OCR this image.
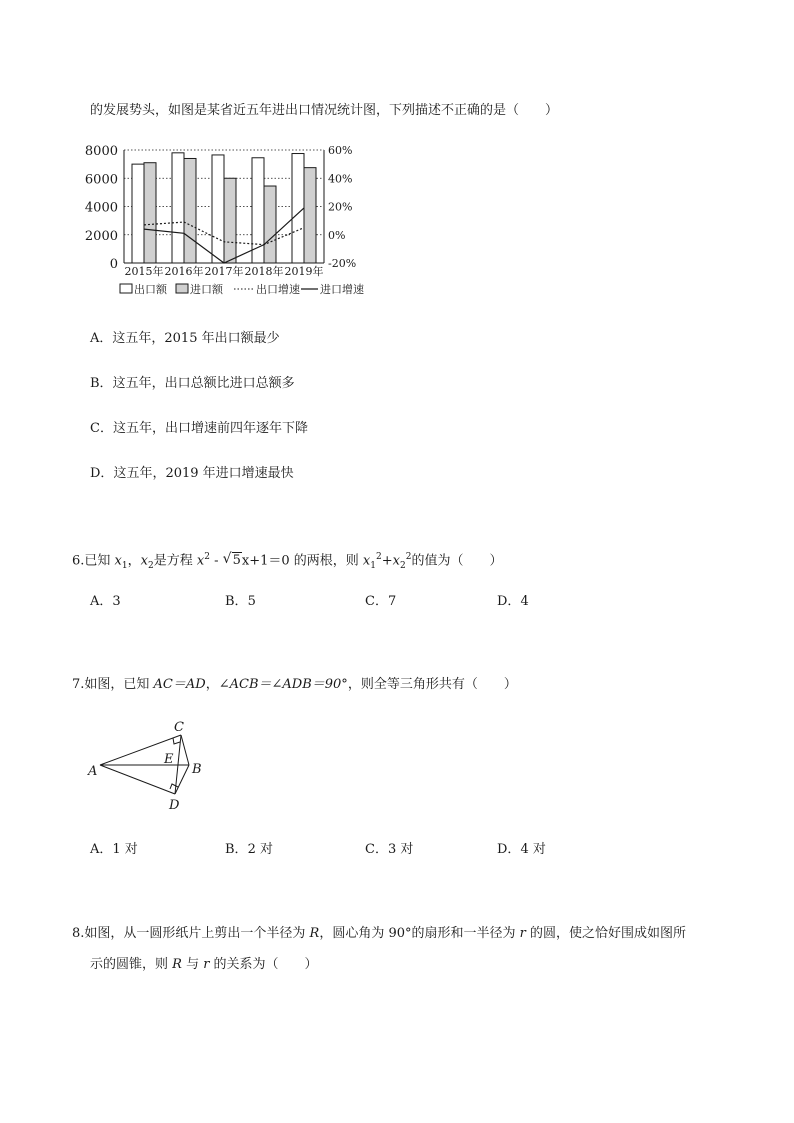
的发展势头，如图是某省近五年进出口情况统计图，下列描述不正确的是（　　）
8000
6000
4000
2000
0
60%
40%
20%
0%
-20%
2015年 2016年 2017年 2018年 2019年
出口额 进口额	出口增速 进口增速
A．这五年，2015 年出口额最少
B．这五年，出口总额比进口总额多
C．这五年，出口增速前四年逐年下降
D．这五年，2019 年进口增速最快
6.已知 $x_1$，$x_2$是方程 $x^2$ - √ 5x+1＝0 的两根，则 $x_1^2+x_2^2$的值为（　　）
A．3	B．5	C．7	D．4
7.如图，已知 AC＝AD，∠ACB＝∠ADB＝90°，则全等三角形共有（　　）
A	B
C
D
E
A．1 对	B．2 对	C．3 对	D．4 对
8.如图，从一圆形纸片上剪出一个半径为 R，圆心角为 90°的扇形和一半径为 r 的圆，使之恰好围成如图所
示的圆锥，则 R 与 r 的关系为（　　）
